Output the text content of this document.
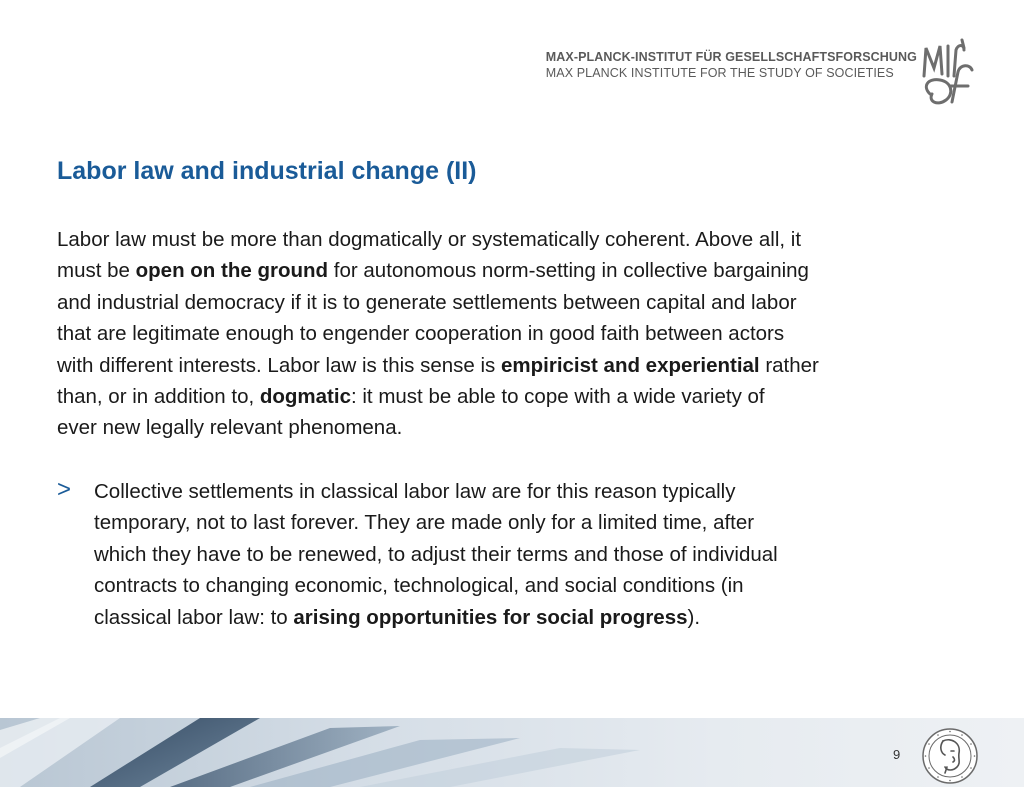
MAX-PLANCK-INSTITUT FÜR GESELLSCHAFTSFORSCHUNG
MAX PLANCK INSTITUTE FOR THE STUDY OF SOCIETIES
Labor law and industrial change (II)
Labor law must be more than dogmatically or systematically coherent. Above all, it
must be open on the ground for autonomous norm-setting in collective bargaining
and industrial democracy if it is to generate settlements between capital and labor
that are legitimate enough to engender cooperation in good faith between actors
with different interests. Labor law is this sense is empiricist and experiential rather
than, or in addition to, dogmatic: it must be able to cope with a wide variety of
ever new legally relevant phenomena.
> Collective settlements in classical labor law are for this reason typically
temporary, not to last forever. They are made only for a limited time, after
which they have to be renewed, to adjust their terms and those of individual
contracts to changing economic, technological, and social conditions (in
classical labor law: to arising opportunities for social progress).
9
